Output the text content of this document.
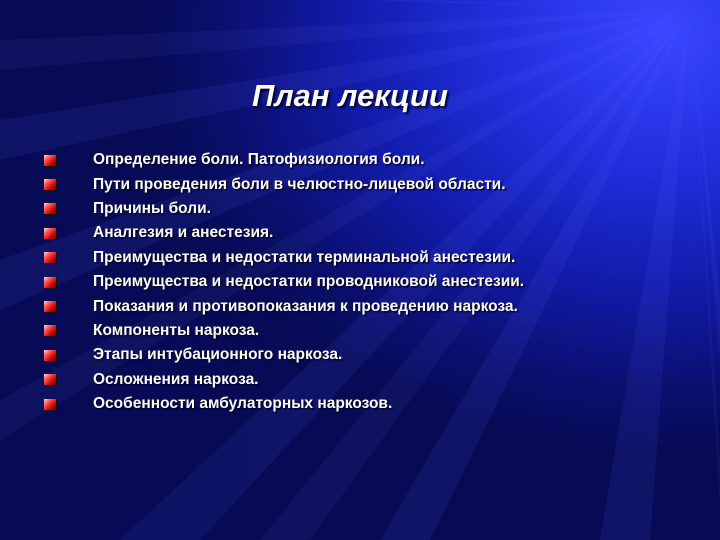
План лекции
Определение боли. Патофизиология боли.
Пути проведения боли в челюстно-лицевой области.
Причины боли.
Аналгезия и анестезия.
Преимущества и недостатки терминальной анестезии.
Преимущества и недостатки проводниковой анестезии.
Показания и противопоказания к проведению наркоза.
Компоненты наркоза.
Этапы интубационного наркоза.
Осложнения наркоза.
Особенности амбулаторных наркозов.
